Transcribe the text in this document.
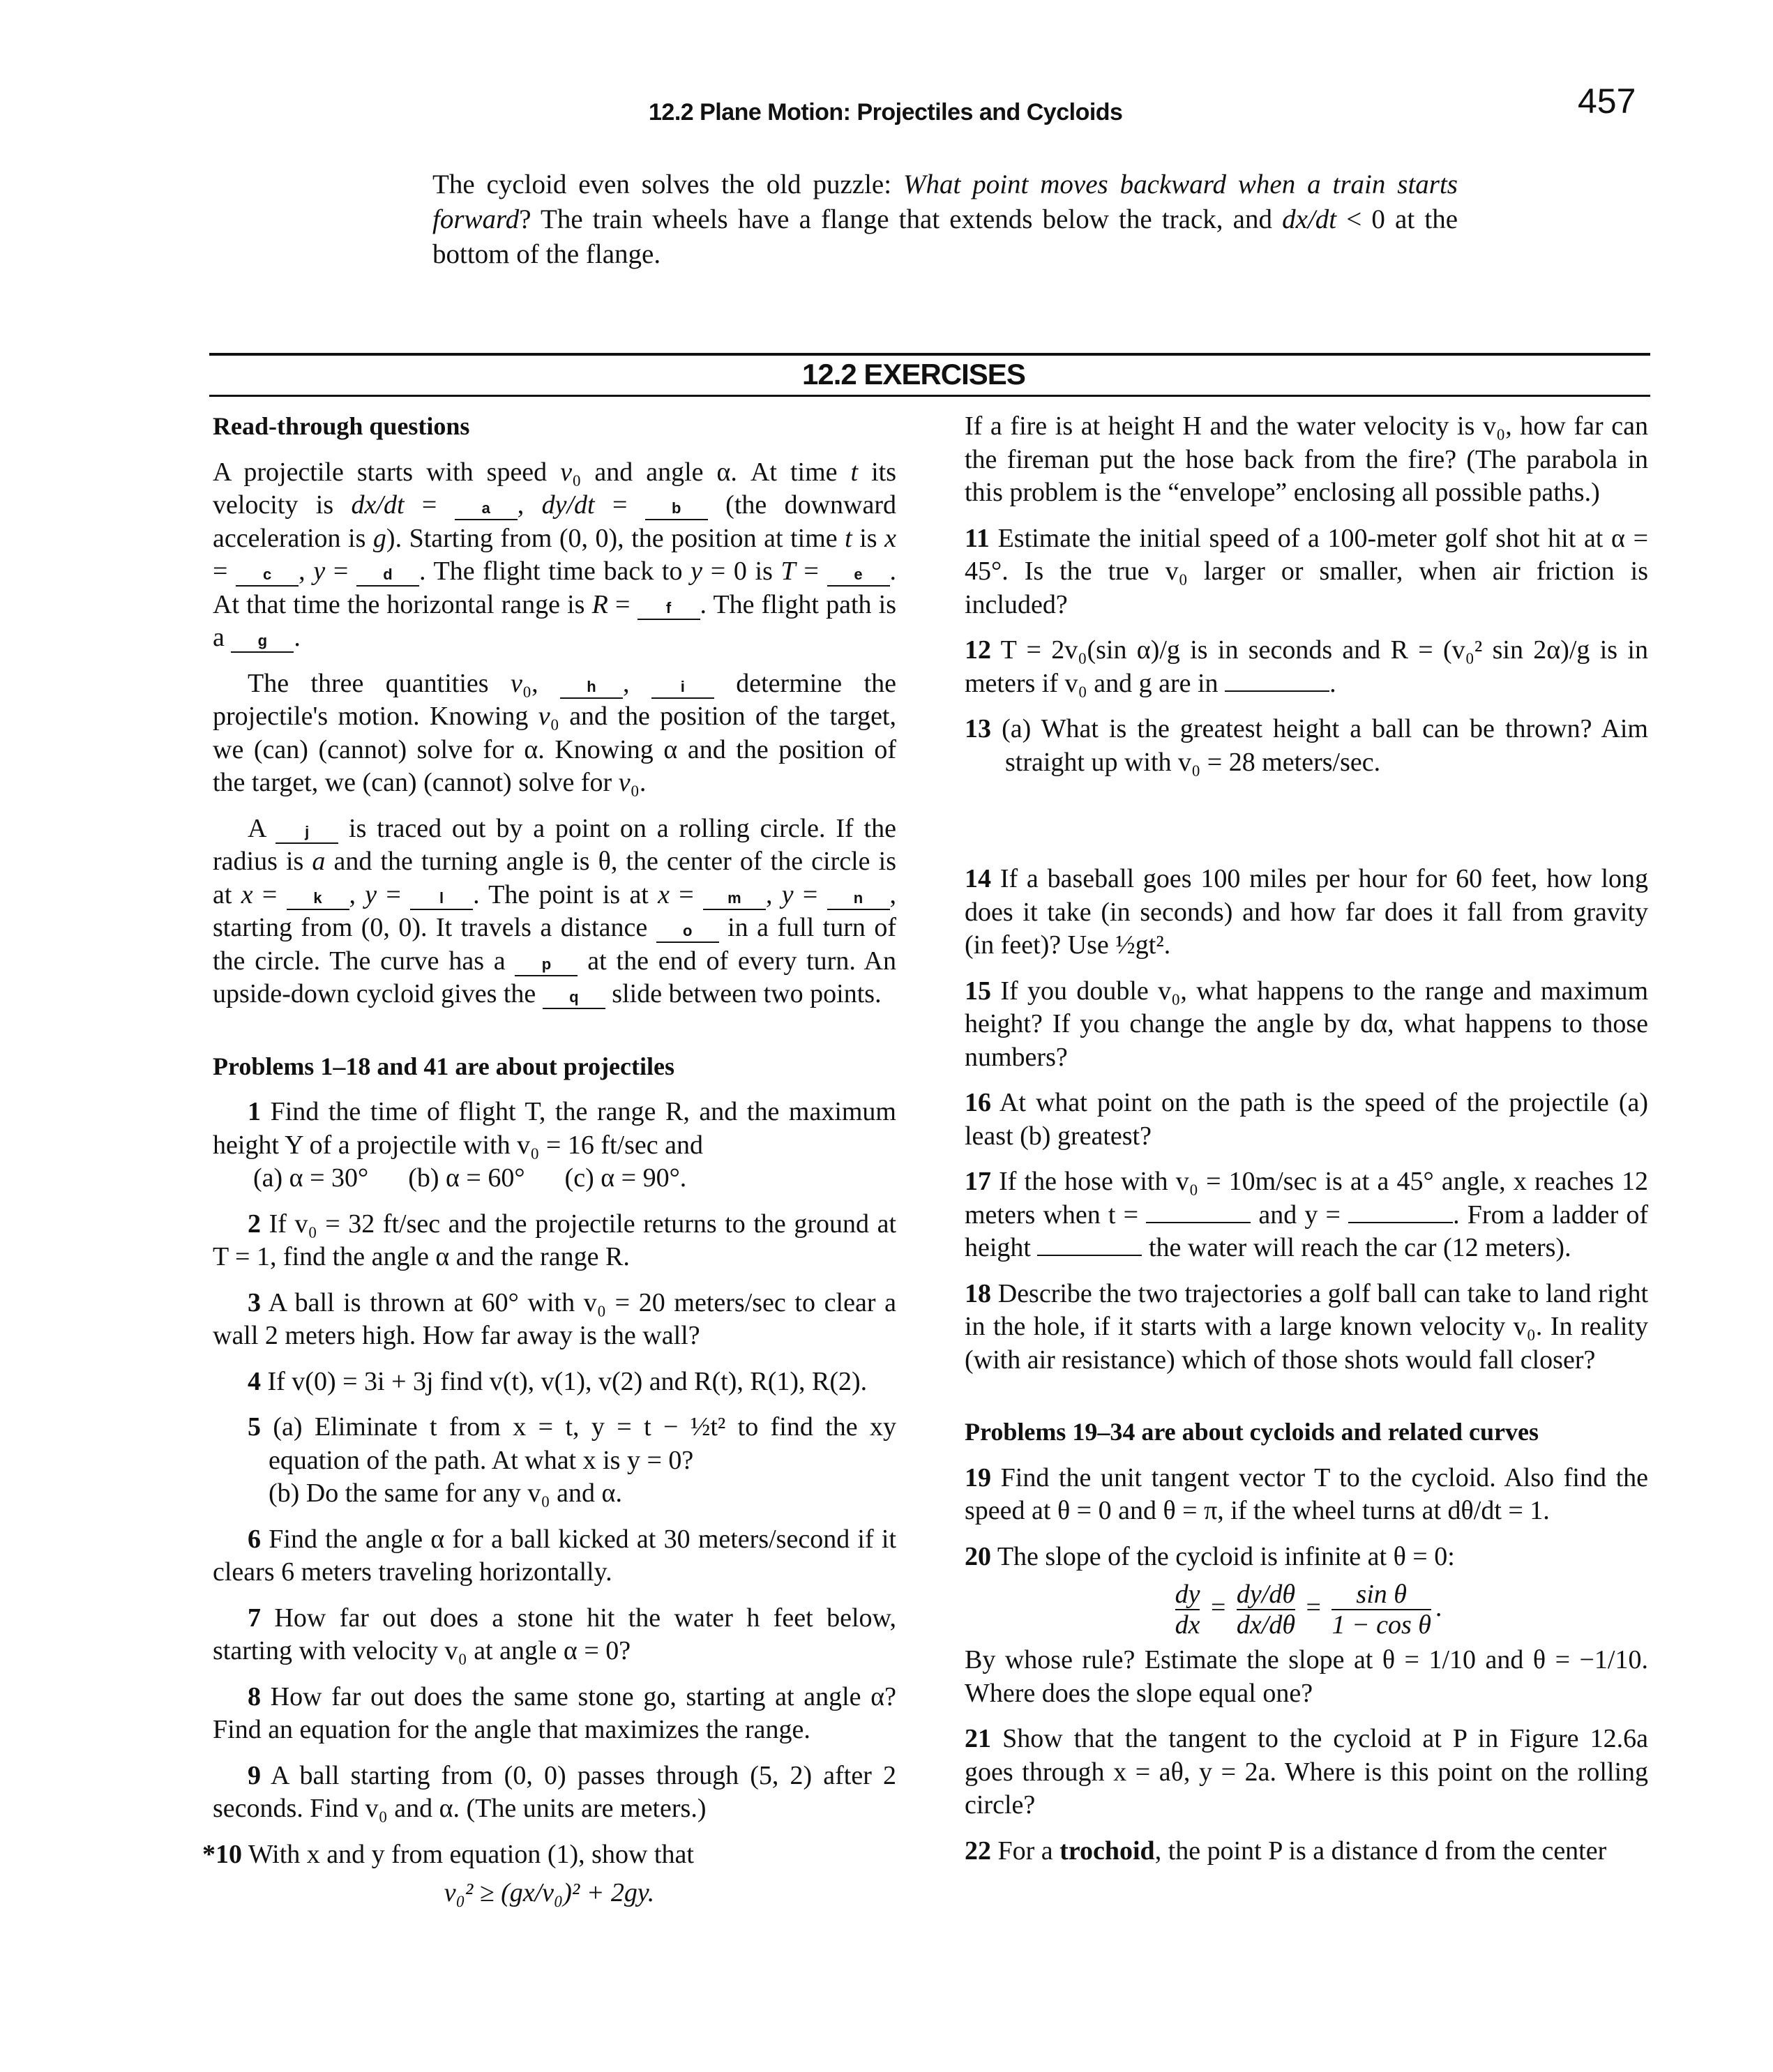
12.2 Plane Motion: Projectiles and Cycloids	457
The cycloid even solves the old puzzle: What point moves backward when a train starts forward? The train wheels have a flange that extends below the track, and dx/dt < 0 at the bottom of the flange.
12.2 EXERCISES
Read-through questions
A projectile starts with speed v₀ and angle α. At time t its velocity is dx/dt = a , dy/dt = b (the downward acceleration is g). Starting from (0, 0), the position at time t is x = c , y = d . The flight time back to y = 0 is T = e . At that time the horizontal range is R = f . The flight path is a g .
The three quantities v₀, h , i determine the projectile's motion. Knowing v₀ and the position of the target, we (can) (cannot) solve for α. Knowing α and the position of the target, we (can) (cannot) solve for v₀.
A j is traced out by a point on a rolling circle. If the radius is a and the turning angle is θ, the center of the circle is at x = k , y = l . The point is at x = m , y = n , starting from (0, 0). It travels a distance o in a full turn of the circle. The curve has a p at the end of every turn. An upside-down cycloid gives the q slide between two points.
Problems 1–18 and 41 are about projectiles
1 Find the time of flight T, the range R, and the maximum height Y of a projectile with v₀ = 16 ft/sec and
(a) α = 30°      (b) α = 60°      (c) α = 90°.
2 If v₀ = 32 ft/sec and the projectile returns to the ground at T = 1, find the angle α and the range R.
3 A ball is thrown at 60° with v₀ = 20 meters/sec to clear a wall 2 meters high. How far away is the wall?
4 If v(0) = 3i + 3j find v(t), v(1), v(2) and R(t), R(1), R(2).
5 (a) Eliminate t from x = t, y = t − ½t² to find the xy equation of the path. At what x is y = 0?
(b) Do the same for any v₀ and α.
6 Find the angle α for a ball kicked at 30 meters/second if it clears 6 meters traveling horizontally.
7 How far out does a stone hit the water h feet below, starting with velocity v₀ at angle α = 0?
8 How far out does the same stone go, starting at angle α? Find an equation for the angle that maximizes the range.
9 A ball starting from (0, 0) passes through (5, 2) after 2 seconds. Find v₀ and α. (The units are meters.)
*10 With x and y from equation (1), show that
v₀² ≥ (gx/v₀)² + 2gy.
If a fire is at height H and the water velocity is v₀, how far can the fireman put the hose back from the fire? (The parabola in this problem is the “envelope” enclosing all possible paths.)
11 Estimate the initial speed of a 100-meter golf shot hit at α = 45°. Is the true v₀ larger or smaller, when air friction is included?
12 T = 2v₀(sin α)/g is in seconds and R = (v₀² sin 2α)/g is in meters if v₀ and g are in	.
13 (a) What is the greatest height a ball can be thrown? Aim straight up with v₀ = 28 meters/sec.
14 If a baseball goes 100 miles per hour for 60 feet, how long does it take (in seconds) and how far does it fall from gravity (in feet)? Use ½gt².
15 If you double v₀, what happens to the range and maximum height? If you change the angle by dα, what happens to those numbers?
16 At what point on the path is the speed of the projectile (a) least (b) greatest?
17 If the hose with v₀ = 10m/sec is at a 45° angle, x reaches 12 meters when t =	and y =	. From a ladder of height	the water will reach the car (12 meters).
18 Describe the two trajectories a golf ball can take to land right in the hole, if it starts with a large known velocity v₀. In reality (with air resistance) which of those shots would fall closer?
Problems 19–34 are about cycloids and related curves
19 Find the unit tangent vector T to the cycloid. Also find the speed at θ = 0 and θ = π, if the wheel turns at dθ/dt = 1.
20 The slope of the cycloid is infinite at θ = 0:
$\frac{dy}{dx} = \frac{dy/d\theta}{dx/d\theta} = \frac{\text{sin θ}}{\text{1 − cos θ}}$ .
By whose rule? Estimate the slope at θ = 1/10 and θ = −1/10. Where does the slope equal one?
21 Show that the tangent to the cycloid at P in Figure 12.6a goes through x = aθ, y = 2a. Where is this point on the rolling circle?
22 For a trochoid, the point P is a distance d from the center
